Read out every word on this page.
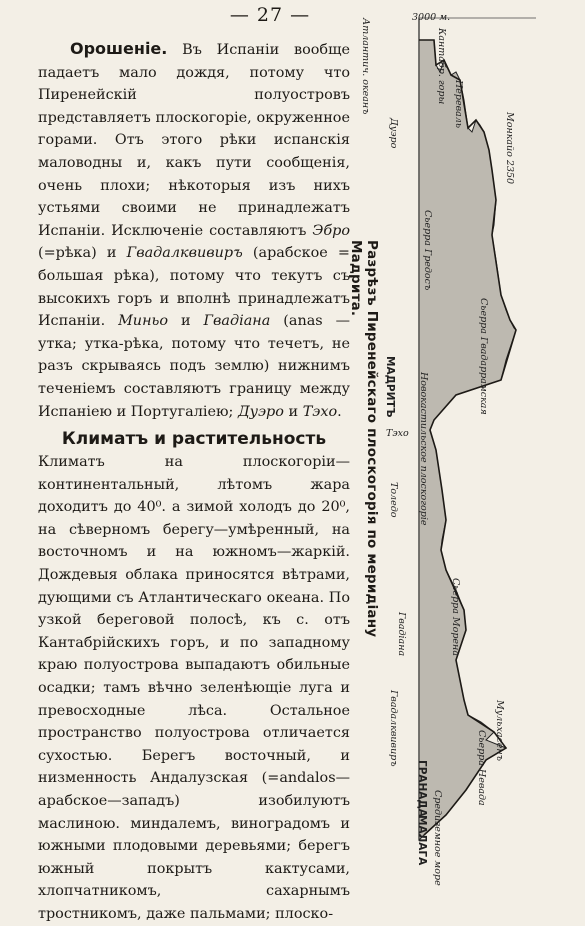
— 27 —

Орошеніе. Въ Испаніи вообще падаетъ мало дождя, потому что Пиренейскій полуостровъ представляетъ плоскогоріе, окруженное горами. Отъ этого рѣки испанскія маловодны и, какъ пути сообщенія, очень плохи; нѣкоторыя изъ нихъ устьями своими не принадлежатъ Испаніи. Исключеніе составляютъ Эбро (=рѣка) и Гвадалквивиръ (арабское = большая рѣка), потому что текутъ съ высокихъ горъ и вполнѣ принадлежатъ Испаніи. Миньо и Гвадіана (anas — утка; утка-рѣка, потому что течетъ, не разъ скрываясь подъ землю) нижнимъ теченіемъ составляютъ границу между Испаніею и Португаліею; Дуэро и Тэхо.

Климатъ и растительность

Климатъ на плоскогоріи—континентальный, лѣтомъ жара доходитъ до 40⁰. а зимой холодъ до 20⁰, на сѣверномъ берегу—умѣренный, на восточномъ и на южномъ—жаркій. Дождевыя облака приносятся вѣтрами, дующими съ Атлантическаго океана. По узкой береговой полосѣ, къ с. отъ Кантабрійскихъ горъ, и по западному краю полуострова выпадаютъ обильные осадки; тамъ вѣчно зеленѣющіе луга и превосходные лѣса. Остальное пространство полуострова отличается сухостью. Берегъ восточный, и низменность Андалузская (=andalos—арабское—западъ) изобилуютъ маслиною. миндалемъ, виноградомъ и южными плодовыми деревьями; берегъ южный покрытъ кактусами, хлопчатникомъ, сахарнымъ тростникомъ, даже пальмами; плоско-

Разрѣзъ Пиренейскаго плоскогорія по меридіану Мадрита.
3000 м.
Атлантич. океанъ	Кантабр. горы Переваль
Дуэро	Монкайо 2350
Сьерра Гредосъ
Сьерра Гвадаррамская
МАДРИТЪ
Тэхо Новокастильское плоскогоріе
Толедо
Гвадіана	Сьерра Морена
Гвадалквивиръ
ГРАНАДА	Сьерра Невада Мульхасенъ
МАЛАГА Средиземное море
